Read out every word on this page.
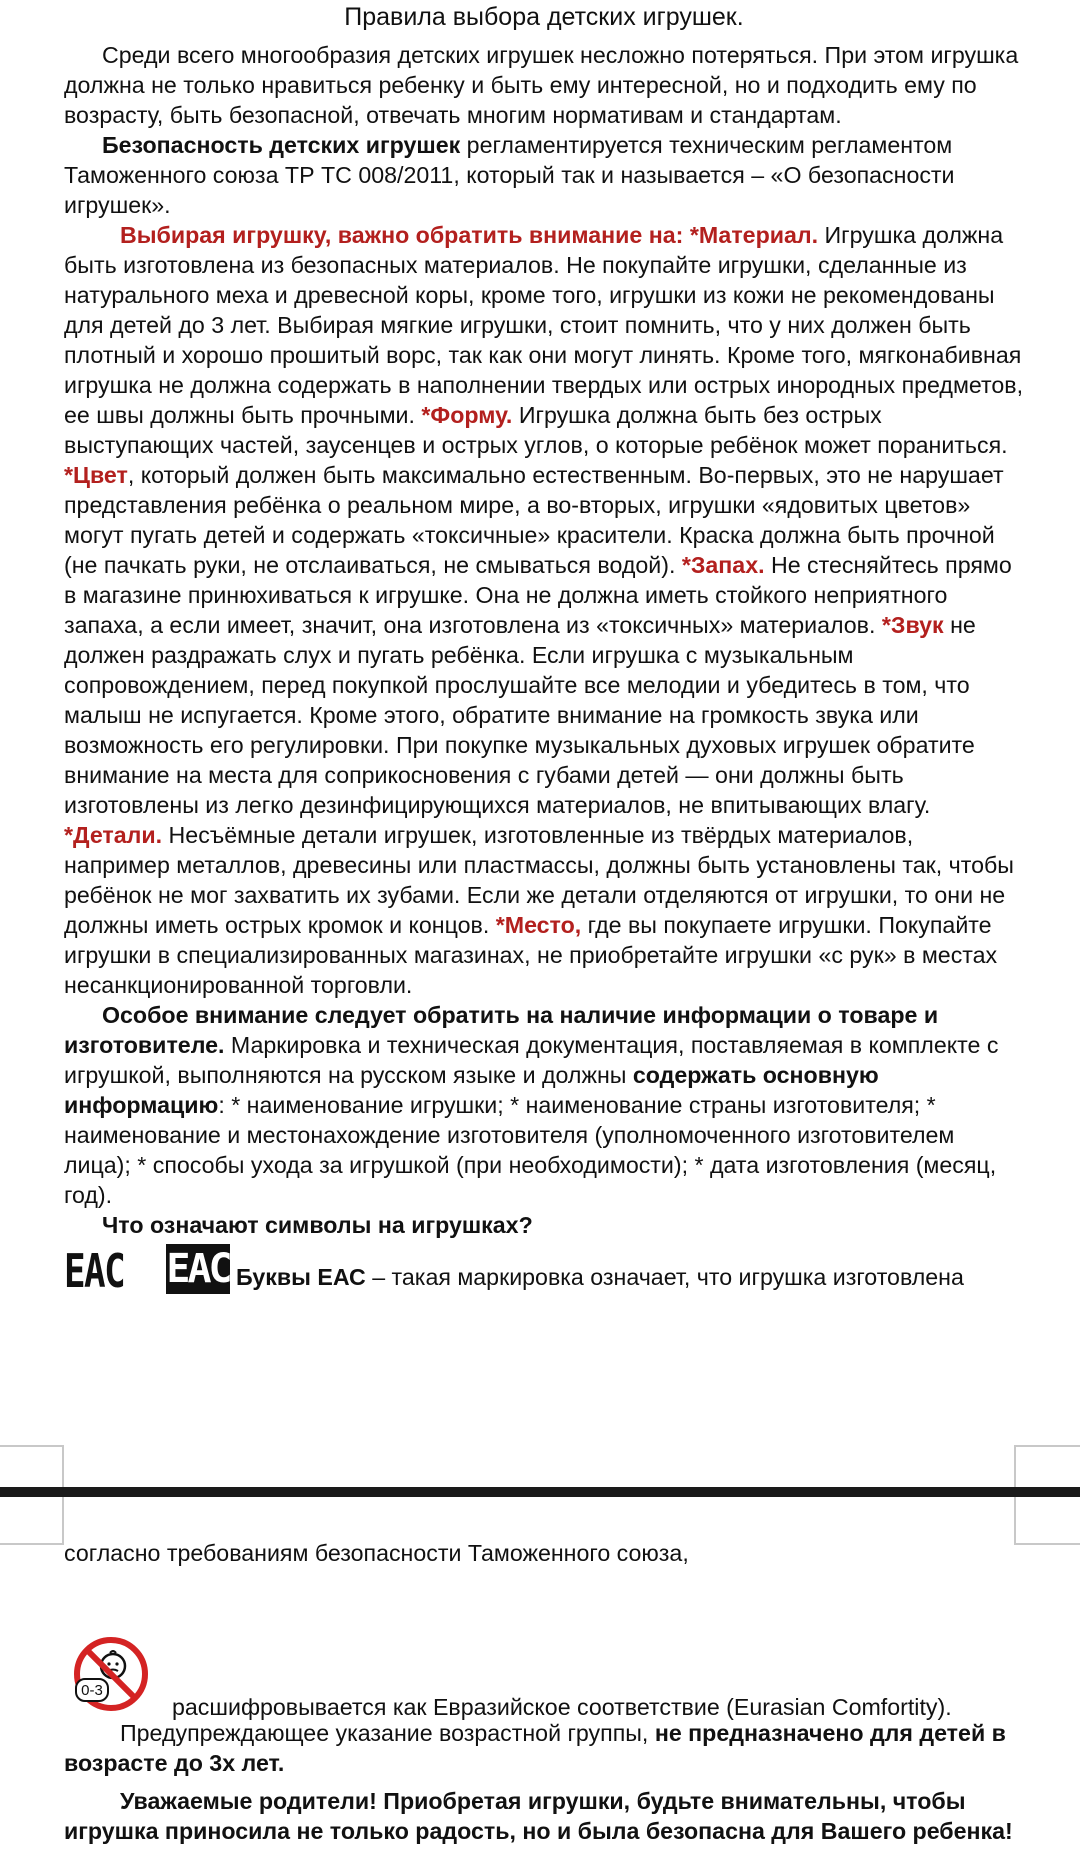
Правила выбора детских игрушек.

Среди всего многообразия детских игрушек несложно потеряться. При этом игрушка должна не только нравиться ребенку и быть ему интересной, но и подходить ему по возрасту, быть безопасной, отвечать многим нормативам и стандартам.

Безопасность детских игрушек регламентируется техническим регламентом Таможенного союза ТР ТС 008/2011, который так и называется – «О безопасности игрушек».

Выбирая игрушку, важно обратить внимание на: *Материал. Игрушка должна быть изготовлена из безопасных материалов. Не покупайте игрушки, сделанные из натурального меха и древесной коры, кроме того, игрушки из кожи не рекомендованы для детей до 3 лет. Выбирая мягкие игрушки, стоит помнить, что у них должен быть плотный и хорошо прошитый ворс, так как они могут линять. Кроме того, мягконабивная игрушка не должна содержать в наполнении твердых или острых инородных предметов, ее швы должны быть прочными. *Форму. Игрушка должна быть без острых выступающих частей, заусенцев и острых углов, о которые ребёнок может пораниться. *Цвет, который должен быть максимально естественным. Во-первых, это не нарушает представления ребёнка о реальном мире, а во-вторых, игрушки «ядовитых цветов» могут пугать детей и содержать «токсичные» красители. Краска должна быть прочной (не пачкать руки, не отслаиваться, не смываться водой). *Запах. Не стесняйтесь прямо в магазине принюхиваться к игрушке. Она не должна иметь стойкого неприятного запаха, а если имеет, значит, она изготовлена из «токсичных» материалов. *Звук не должен раздражать слух и пугать ребёнка. Если игрушка с музыкальным сопровождением, перед покупкой прослушайте все мелодии и убедитесь в том, что малыш не испугается. Кроме этого, обратите внимание на громкость звука или возможность его регулировки. При покупке музыкальных духовых игрушек обратите внимание на места для соприкосновения с губами детей — они должны быть изготовлены из легко дезинфицирующихся материалов, не впитывающих влагу. *Детали. Несъёмные детали игрушек, изготовленные из твёрдых материалов, например металлов, древесины или пластмассы, должны быть установлены так, чтобы ребёнок не мог захватить их зубами. Если же детали отделяются от игрушки, то они не должны иметь острых кромок и концов. *Место, где вы покупаете игрушки. Покупайте игрушки в специализированных магазинах, не приобретайте игрушки «с рук» в местах несанкционированной торговли.

Особое внимание следует обратить на наличие информации о товаре и изготовителе. Маркировка и техническая документация, поставляемая в комплекте с игрушкой, выполняются на русском языке и должны содержать основную информацию: * наименование игрушки; * наименование страны изготовителя; * наименование и местонахождение изготовителя (уполномоченного изготовителем лица); * способы ухода за игрушкой (при необходимости); * дата изготовления (месяц, год).

Что означают символы на игрушках?

ЕАС ЕАС Буквы ЕАС – такая маркировка означает, что игрушка изготовлена

согласно требованиям безопасности Таможенного союза,

0-3
расшифровывается как Евразийское соответствие (Eurasian Comfortity).

Предупреждающее указание возрастной группы, не предназначено для детей в возрасте до 3х лет.

Уважаемые родители! Приобретая игрушки, будьте внимательны, чтобы игрушка приносила не только радость, но и была безопасна для Вашего ребенка!
